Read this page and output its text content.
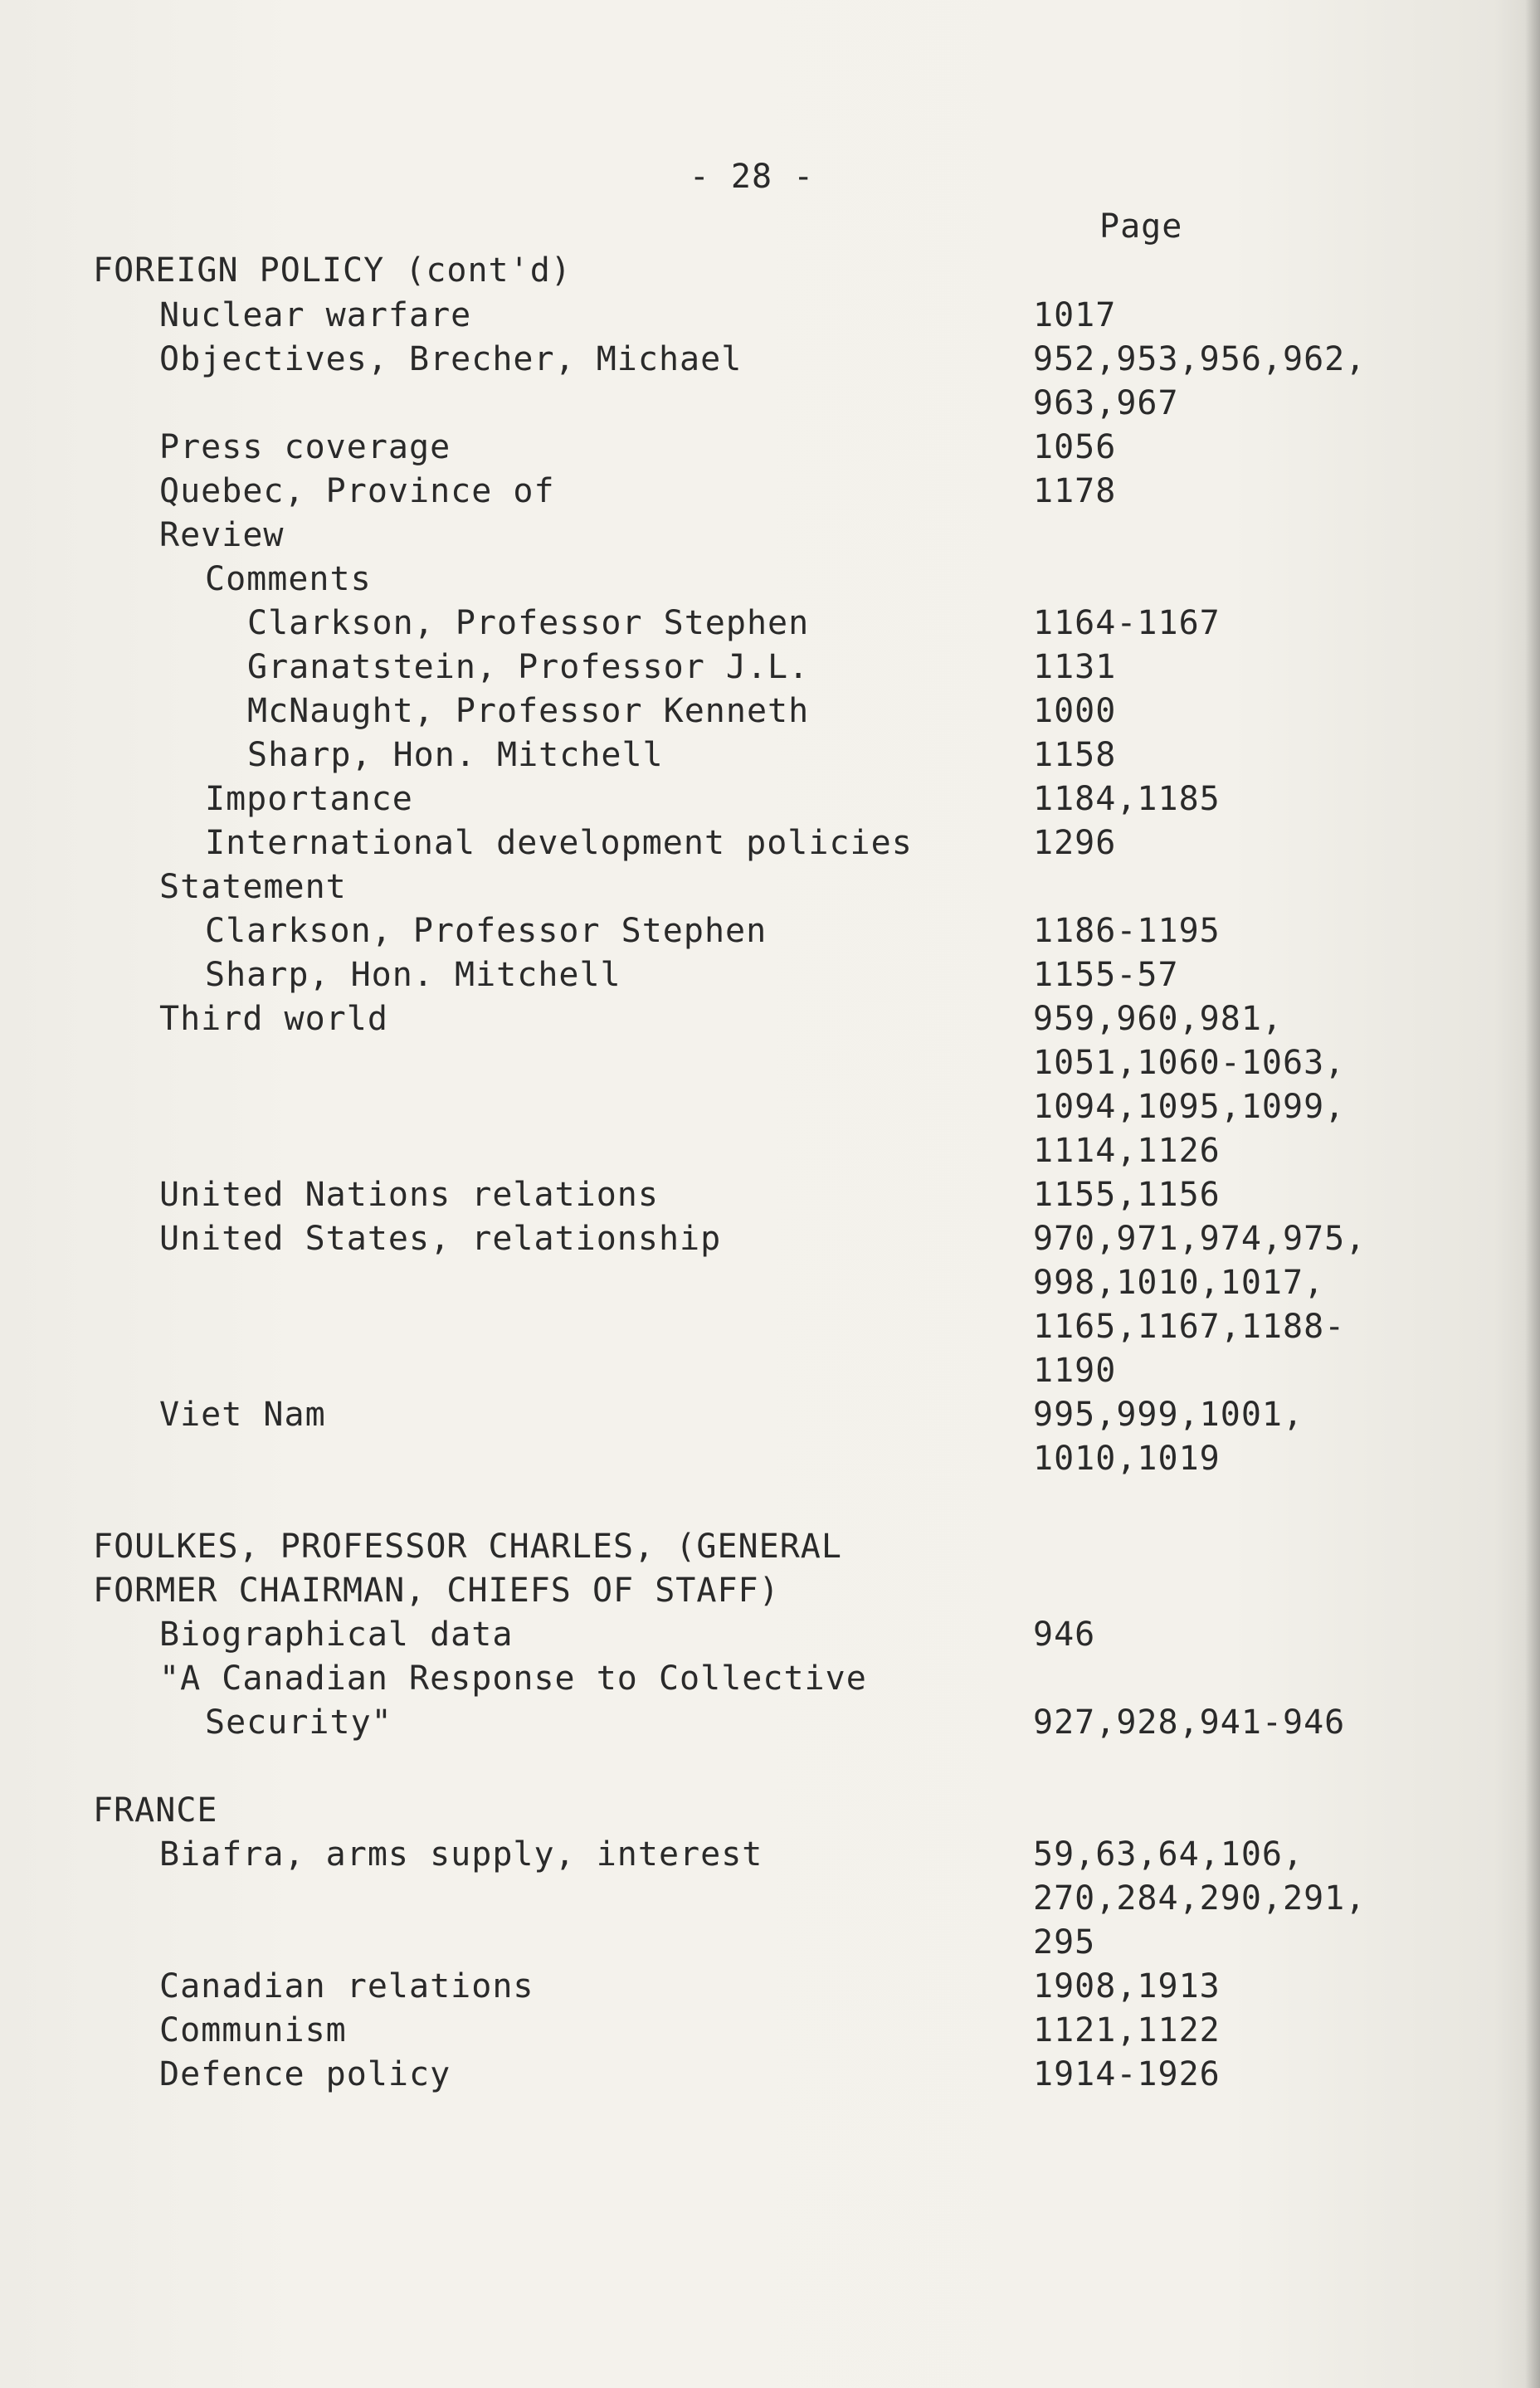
- 28 -
Page
FOREIGN POLICY (cont'd)
Nuclear warfare	1017
Objectives, Brecher, Michael	952,953,956,962,
963,967
Press coverage	1056
Quebec, Province of	1178
Review
Comments
Clarkson, Professor Stephen	1164-1167
Granatstein, Professor J.L.	1131
McNaught, Professor Kenneth	1000
Sharp, Hon. Mitchell	1158
Importance	1184,1185
International development policies	1296
Statement
Clarkson, Professor Stephen	1186-1195
Sharp, Hon. Mitchell	1155-57
Third world	959,960,981,
1051,1060-1063,
1094,1095,1099,
1114,1126
United Nations relations	1155,1156
United States, relationship	970,971,974,975,
998,1010,1017,
1165,1167,1188-
1190
Viet Nam	995,999,1001,
1010,1019
FOULKES, PROFESSOR CHARLES, (GENERAL
FORMER CHAIRMAN, CHIEFS OF STAFF)
Biographical data	946
"A Canadian Response to Collective
Security"	927,928,941-946
FRANCE
Biafra, arms supply, interest	59,63,64,106,
270,284,290,291,
295
Canadian relations	1908,1913
Communism	1121,1122
Defence policy	1914-1926
